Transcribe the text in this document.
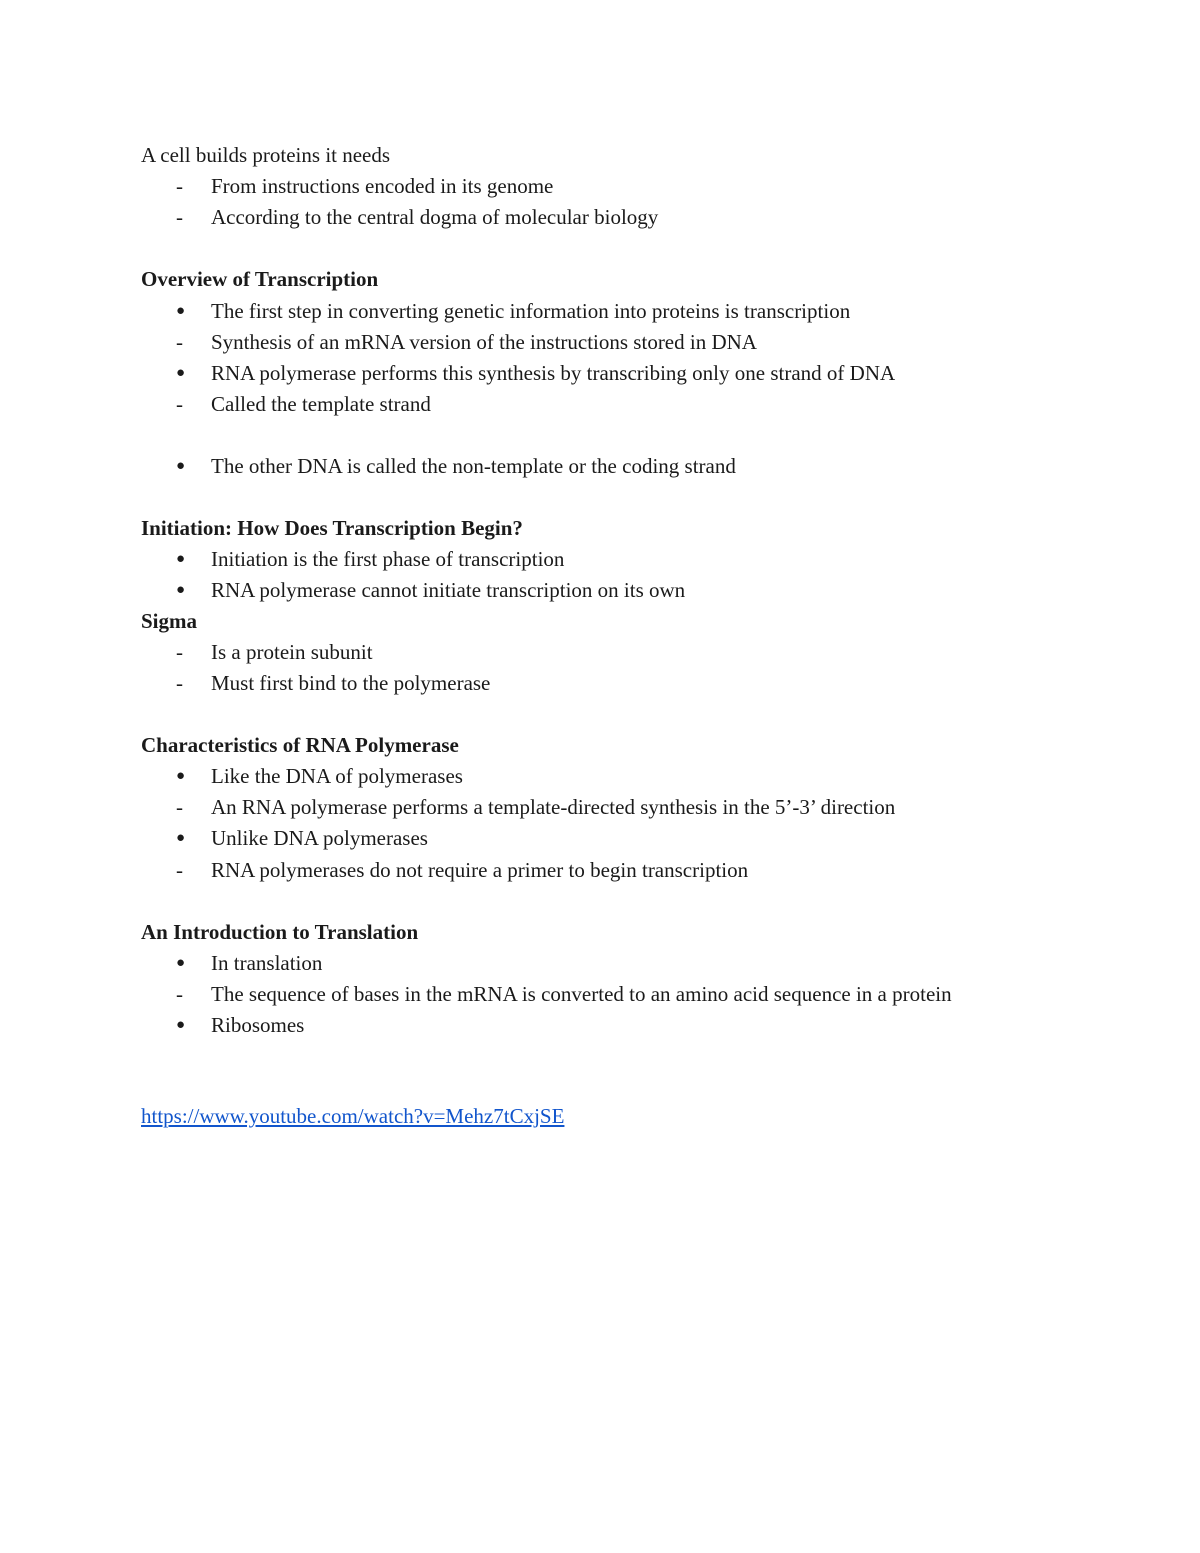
A cell builds proteins it needs
-	From instructions encoded in its genome
-	According to the central dogma of molecular biology
Overview of Transcription
●	The first step in converting genetic information into proteins is transcription
-	Synthesis of an mRNA version of the instructions stored in DNA
●	RNA polymerase performs this synthesis by transcribing only one strand of DNA
-	Called the template strand
●	The other DNA is called the non-template or the coding strand
Initiation: How Does Transcription Begin?
●	Initiation is the first phase of transcription
●	RNA polymerase cannot initiate transcription on its own
Sigma
-	Is a protein subunit
-	Must first bind to the polymerase
Characteristics of RNA Polymerase
●	Like the DNA of polymerases
-	An RNA polymerase performs a template-directed synthesis in the 5’-3’ direction
●	Unlike DNA polymerases
-	RNA polymerases do not require a primer to begin transcription
An Introduction to Translation
●	In translation
-	The sequence of bases in the mRNA is converted to an amino acid sequence in a protein
●	Ribosomes
https://www.youtube.com/watch?v=Mehz7tCxjSE
